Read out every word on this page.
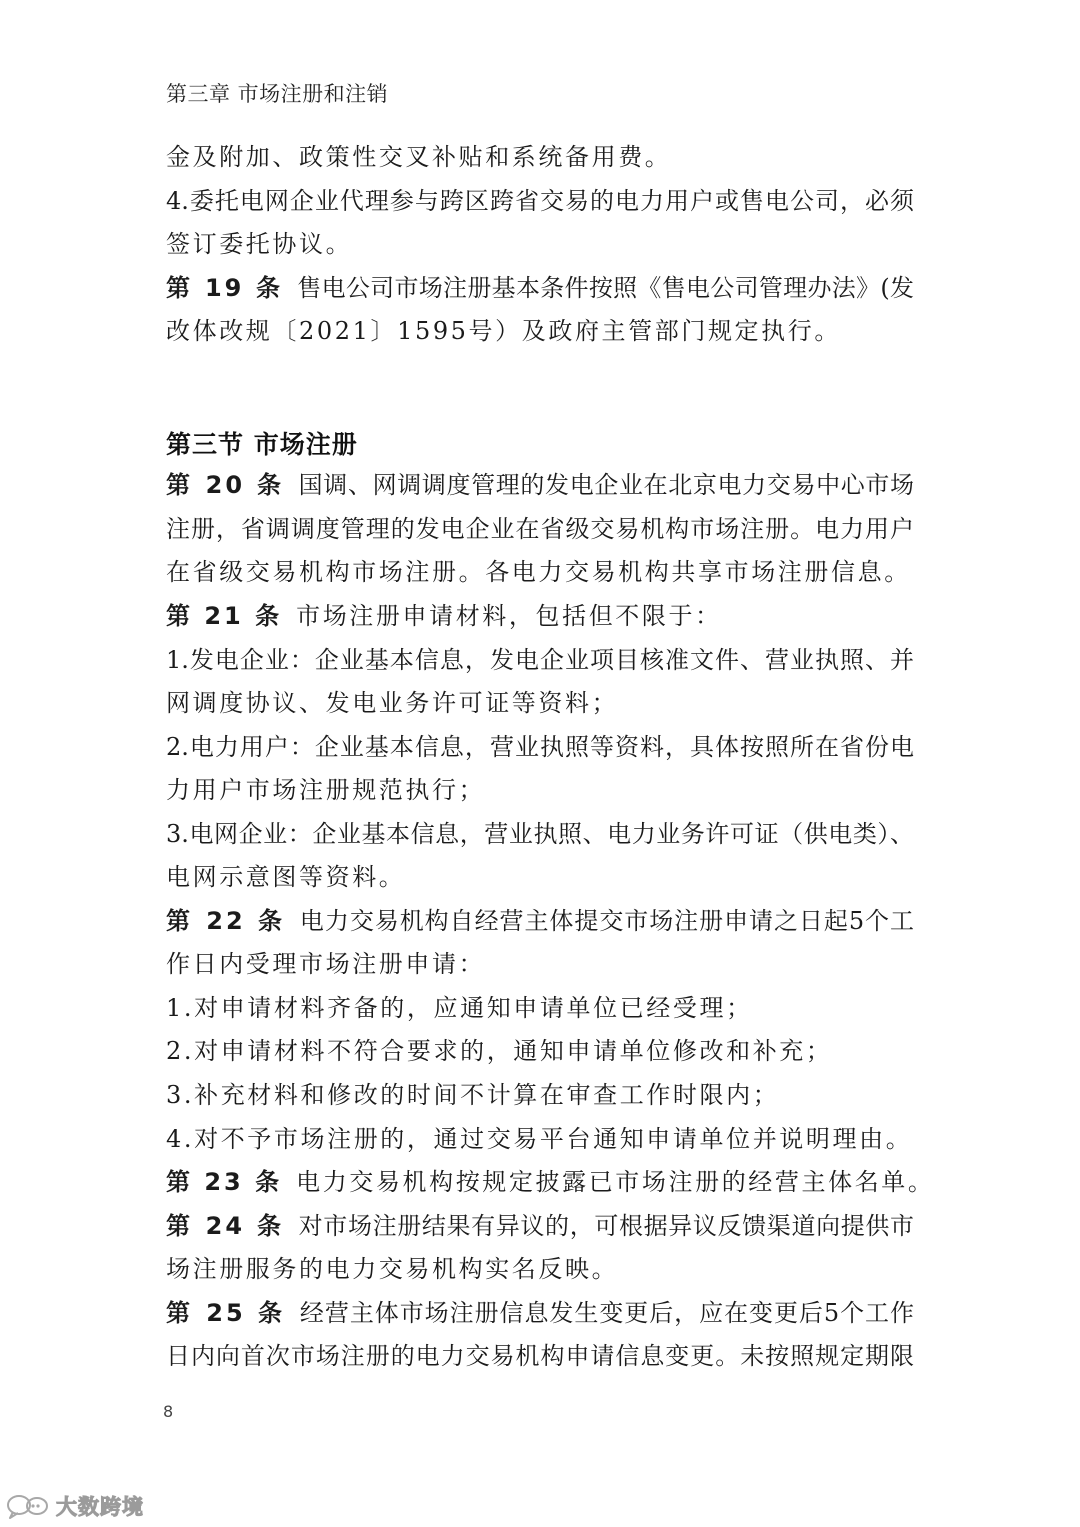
第三章 市场注册和注销
金及附加、政策性交叉补贴和系统备用费。
4.委托电网企业代理参与跨区跨省交易的电力用户或售电公司，必须
签订委托协议。
第 19 条 售电公司市场注册基本条件按照《售电公司管理办法》(发
改体改规〔2021〕1595号）及政府主管部门规定执行。
第三节 市场注册
第 20 条 国调、网调调度管理的发电企业在北京电力交易中心市场
注册，省调调度管理的发电企业在省级交易机构市场注册。电力用户
在省级交易机构市场注册。各电力交易机构共享市场注册信息。
第 21 条 市场注册申请材料，包括但不限于：
1.发电企业：企业基本信息，发电企业项目核准文件、营业执照、并
网调度协议、发电业务许可证等资料；
2.电力用户：企业基本信息，营业执照等资料，具体按照所在省份电
力用户市场注册规范执行；
3.电网企业：企业基本信息，营业执照、电力业务许可证（供电类）、
电网示意图等资料。
第 22 条 电力交易机构自经营主体提交市场注册申请之日起5个工
作日内受理市场注册申请：
1.对申请材料齐备的，应通知申请单位已经受理；
2.对申请材料不符合要求的，通知申请单位修改和补充；
3.补充材料和修改的时间不计算在审查工作时限内；
4.对不予市场注册的，通过交易平台通知申请单位并说明理由。
第 23 条 电力交易机构按规定披露已市场注册的经营主体名单。
第 24 条 对市场注册结果有异议的，可根据异议反馈渠道向提供市
场注册服务的电力交易机构实名反映。
第 25 条 经营主体市场注册信息发生变更后，应在变更后5个工作
日内向首次市场注册的电力交易机构申请信息变更。未按照规定期限
8
大数跨境
